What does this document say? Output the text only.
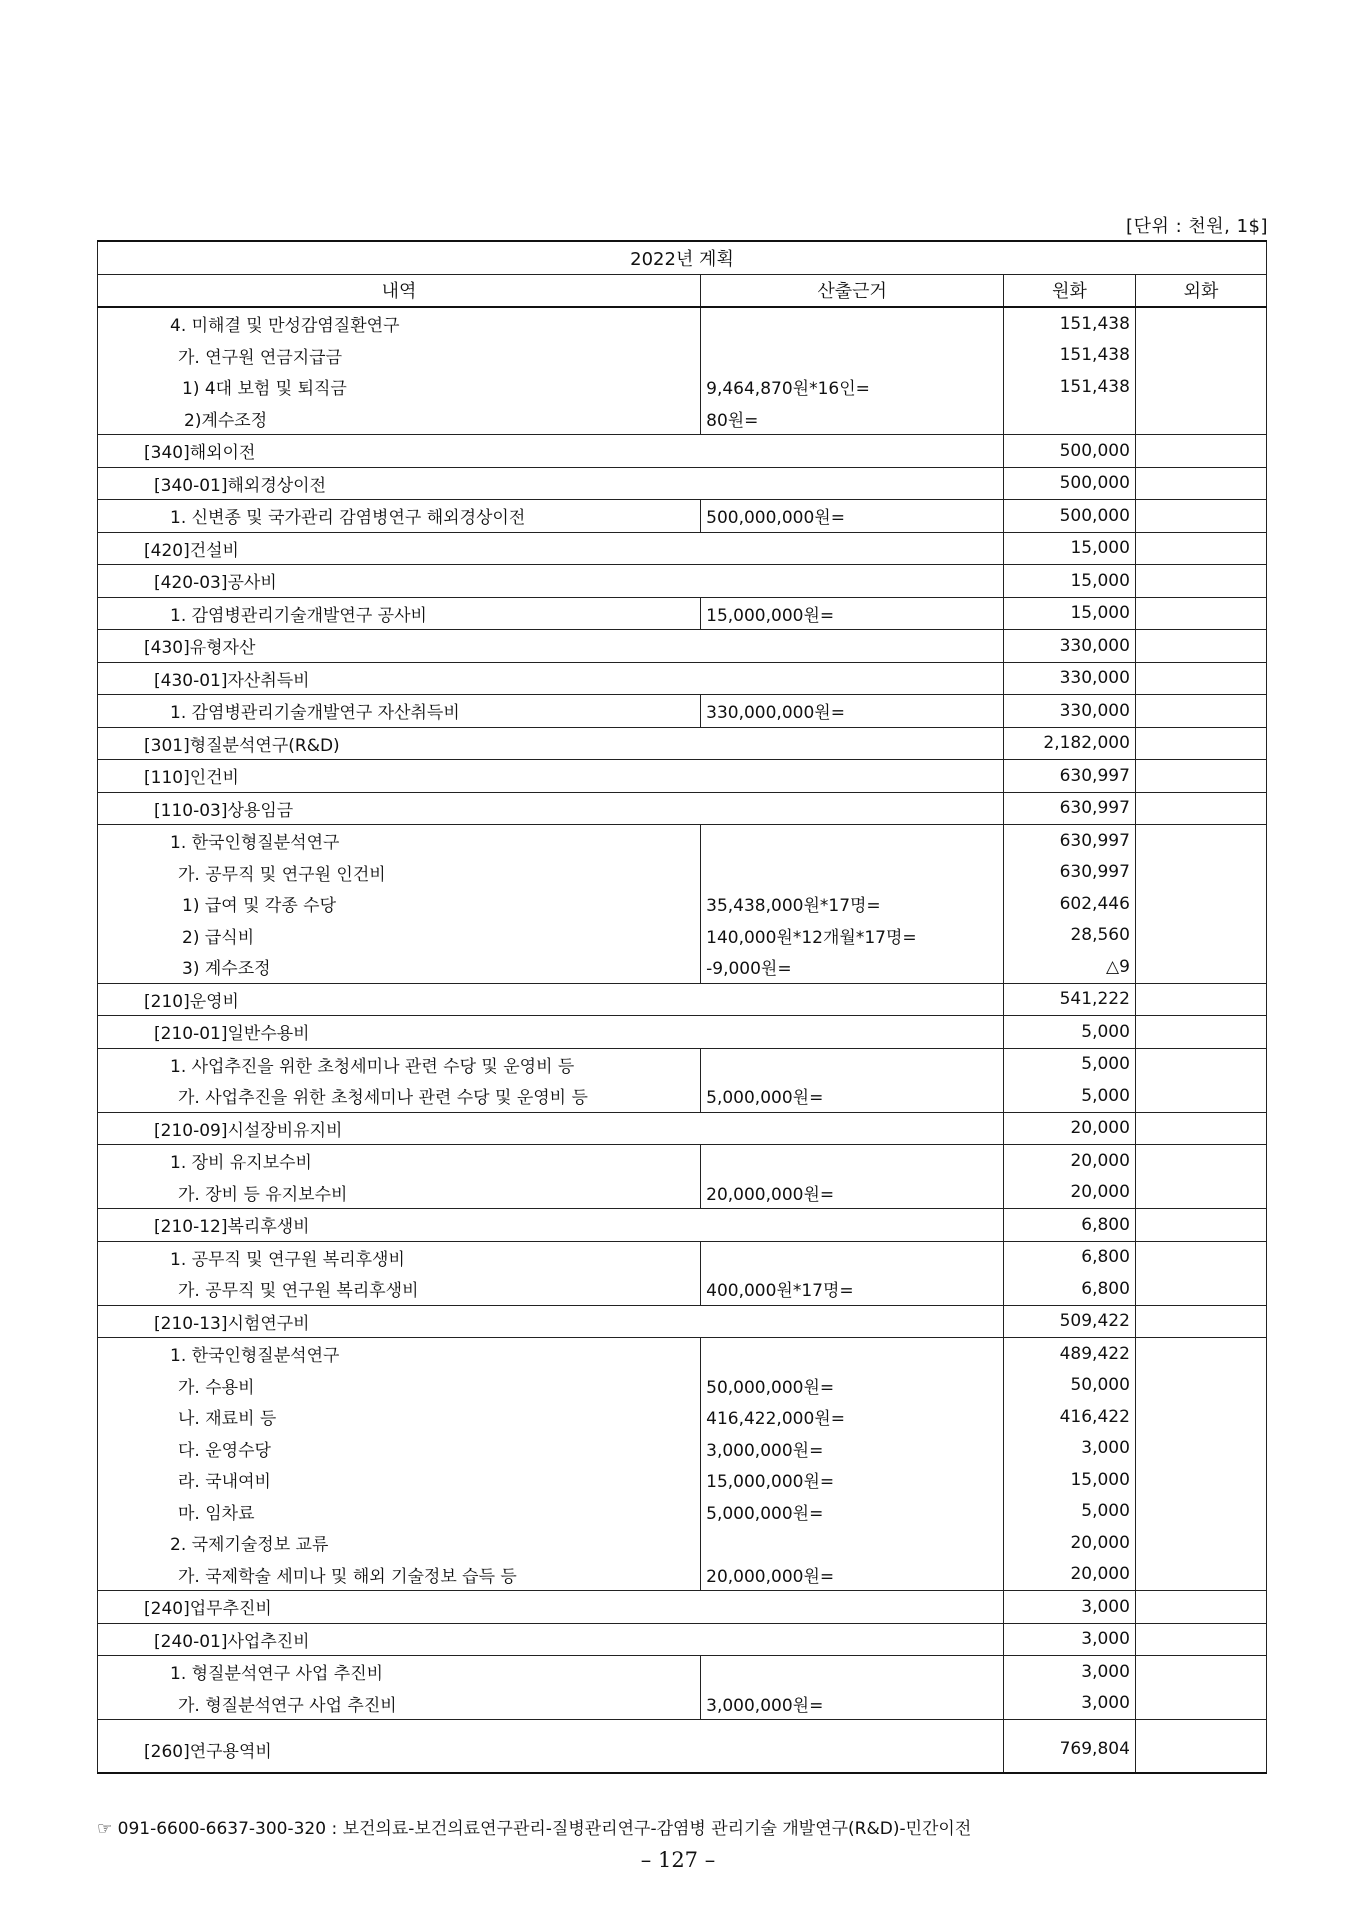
[단위 : 천원, 1$]
2022년 계획			
내역	산출근거	원화	외화
4. 미해결 및 만성감염질환연구		151,438	
가. 연구원 연금지급금		151,438	
1) 4대 보험 및 퇴직금	9,464,870원*16인=	151,438	
2)계수조정	80원=		
[340]해외이전		500,000	
[340-01]해외경상이전		500,000	
1. 신변종 및 국가관리 감염병연구 해외경상이전	500,000,000원=	500,000	
[420]건설비		15,000	
[420-03]공사비		15,000	
1. 감염병관리기술개발연구 공사비	15,000,000원=	15,000	
[430]유형자산		330,000	
[430-01]자산취득비		330,000	
1. 감염병관리기술개발연구 자산취득비	330,000,000원=	330,000	
[301]형질분석연구(R&D)		2,182,000	
[110]인건비		630,997	
[110-03]상용임금		630,997	
1. 한국인형질분석연구		630,997	
가. 공무직 및 연구원 인건비		630,997	
1) 급여 및 각종 수당	35,438,000원*17명=	602,446	
2) 급식비	140,000원*12개월*17명=	28,560	
3) 계수조정	-9,000원=	△9	
[210]운영비		541,222	
[210-01]일반수용비		5,000	
1. 사업추진을 위한 초청세미나 관련 수당 및 운영비 등		5,000	
가. 사업추진을 위한 초청세미나 관련 수당 및 운영비 등	5,000,000원=	5,000	
[210-09]시설장비유지비		20,000	
1. 장비 유지보수비		20,000	
가. 장비 등 유지보수비	20,000,000원=	20,000	
[210-12]복리후생비		6,800	
1. 공무직 및 연구원 복리후생비		6,800	
가. 공무직 및 연구원 복리후생비	400,000원*17명=	6,800	
[210-13]시험연구비		509,422	
1. 한국인형질분석연구		489,422	
가. 수용비	50,000,000원=	50,000	
나. 재료비 등	416,422,000원=	416,422	
다. 운영수당	3,000,000원=	3,000	
라. 국내여비	15,000,000원=	15,000	
마. 임차료	5,000,000원=	5,000	
2. 국제기술정보 교류		20,000	
가. 국제학술 세미나 및 해외 기술정보 습득 등	20,000,000원=	20,000	
[240]업무추진비		3,000	
[240-01]사업추진비		3,000	
1. 형질분석연구 사업 추진비		3,000	
가. 형질분석연구 사업 추진비	3,000,000원=	3,000	

[260]연구용역비		769,804	
☞ 091-6600-6637-300-320 : 보건의료-보건의료연구관리-질병관리연구-감염병 관리기술 개발연구(R&D)-민간이전
– 127 –
